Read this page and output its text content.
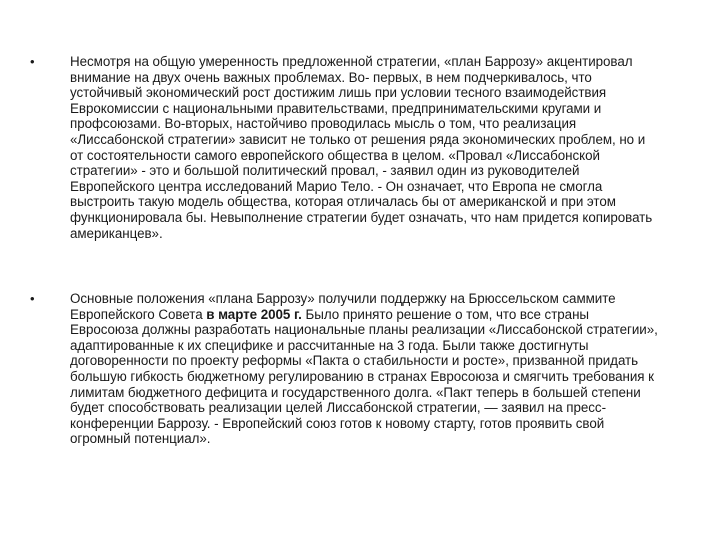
•	Несмотря на общую умеренность предложенной стратегии, «план Баррозу» акцентировал внимание на двух очень важных проблемах. Во- первых, в нем подчеркивалось, что устойчивый экономический рост достижим лишь при условии тесного взаимодействия Еврокомиссии с национальными правительствами, предпринимательскими кругами и профсоюзами. Во-вторых, настойчиво проводилась мысль о том, что реализация «Лиссабонской стратегии» зависит не только от решения ряда экономических проблем, но и от состоятельности самого европейского общества в целом. «Провал «Лиссабонской стратегии» - это и большой политический провал, - заявил один из руководителей Европейского центра исследований Марио Тело. - Он означает, что Европа не смогла выстроить такую модель общества, которая отличалась бы от американской и при этом функционировала бы. Невыполнение стратегии будет означать, что нам придется копировать американцев».
•	Основные положения «плана Баррозу» получили поддержку на Брюссельском саммите Европейского Совета в марте 2005 г. Было принято решение о том, что все страны Евросоюза должны разработать национальные планы реализации «Лиссабонской стратегии», адаптированные к их специфике и рассчитанные на 3 года. Были также достигнуты договоренности по проекту реформы «Пакта о стабильности и росте», призванной придать большую гибкость бюджетному регулированию в странах Евросоюза и смягчить требования к лимитам бюджетного дефицита и государственного долга. «Пакт теперь в большей степени будет способствовать реализации целей Лиссабонской стратегии, — заявил на пресс- конференции Баррозу. - Европейский союз готов к новому старту, готов проявить свой огромный потенциал».
